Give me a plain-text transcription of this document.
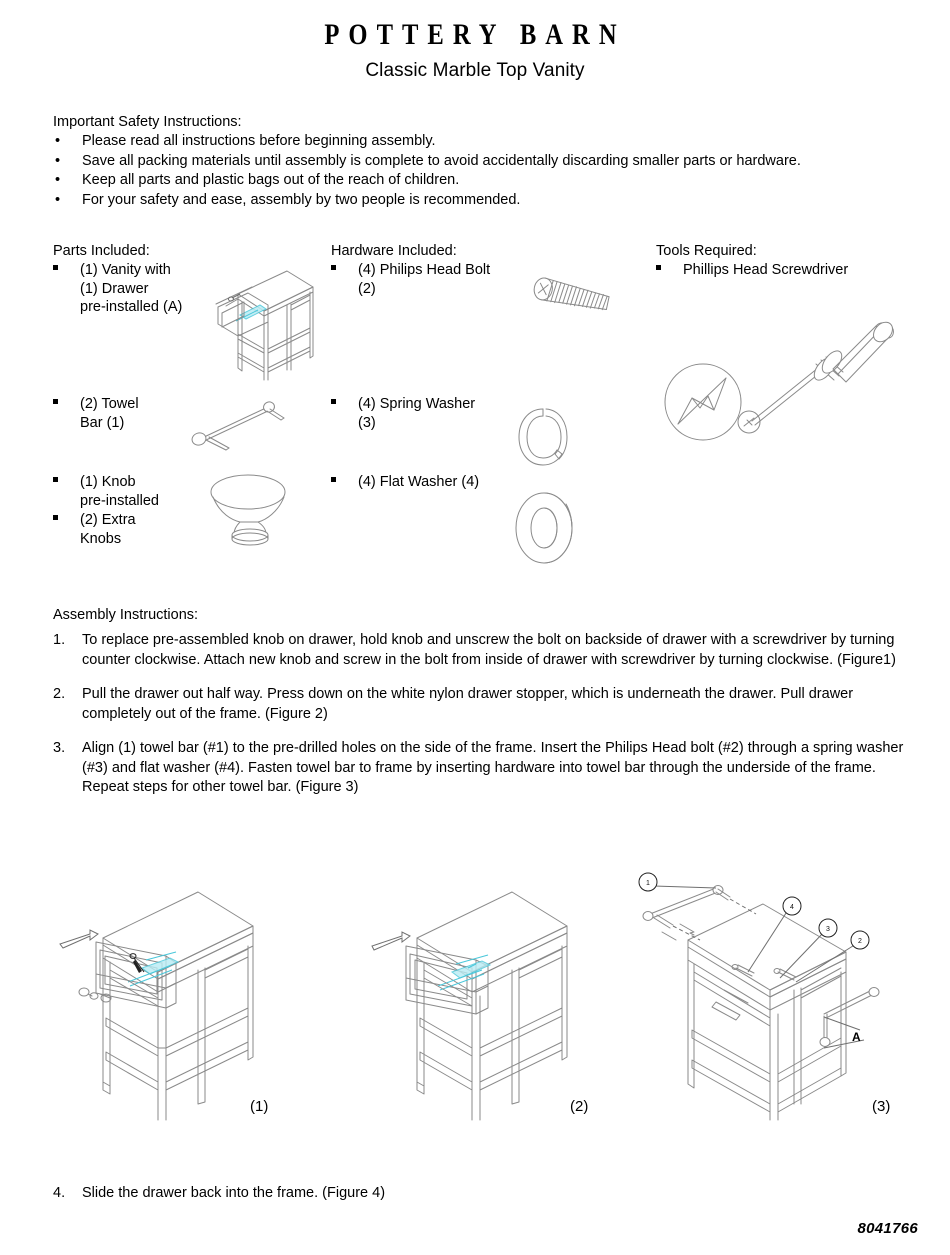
POTTERY BARN
Classic Marble Top Vanity
Important Safety Instructions:
• Please read all instructions before beginning assembly.
• Save all packing materials until assembly is complete to avoid accidentally discarding smaller parts or hardware.
• Keep all parts and plastic bags out of the reach of children.
• For your safety and ease, assembly by two people is recommended.
Parts Included:
(1) Vanity with
(1) Drawer
pre-installed (A)
(2) Towel
Bar (1)
(1) Knob
pre-installed
(2) Extra
Knobs
Hardware Included:
(4) Philips Head Bolt
(2)
(4) Spring Washer
(3)
(4) Flat Washer (4)
Tools Required:
Phillips Head Screwdriver
Assembly Instructions:
1. To replace pre-assembled knob on drawer, hold knob and unscrew the bolt on backside of drawer with a screwdriver by turning counter clockwise. Attach new knob and screw in the bolt from inside of drawer with screwdriver by turning clockwise. (Figure1)
2. Pull the drawer out half way. Press down on the white nylon drawer stopper, which is underneath the drawer. Pull drawer completely out of the frame. (Figure 2)
3. Align (1) towel bar (#1) to the pre-drilled holes on the side of the frame. Insert the Philips Head bolt (#2) through a spring washer (#3) and flat washer (#4). Fasten towel bar to frame by inserting hardware into towel bar through the underside of the frame. Repeat steps for other towel bar. (Figure 3)
(1)	(2)
1
4
3
2
A
(3)
4. Slide the drawer back into the frame. (Figure 4)
8041766
